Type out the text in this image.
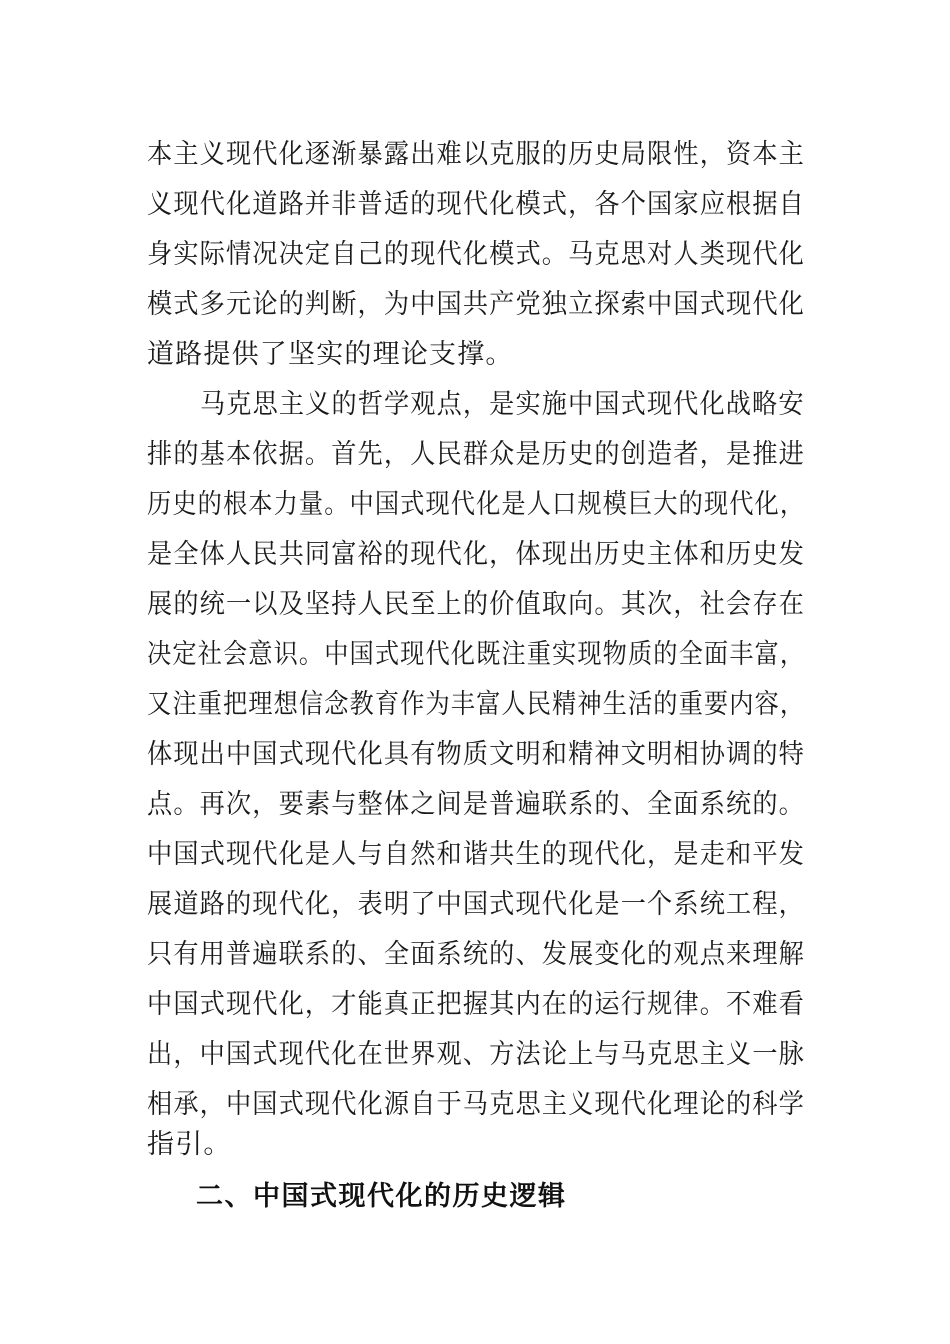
本主义现代化逐渐暴露出难以克服的历史局限性，资本主
义现代化道路并非普适的现代化模式，各个国家应根据自
身实际情况决定自己的现代化模式。马克思对人类现代化
模式多元论的判断，为中国共产党独立探索中国式现代化
道路提供了坚实的理论支撑。
马克思主义的哲学观点，是实施中国式现代化战略安
排的基本依据。首先，人民群众是历史的创造者，是推进
历史的根本力量。中国式现代化是人口规模巨大的现代化，
是全体人民共同富裕的现代化，体现出历史主体和历史发
展的统一以及坚持人民至上的价值取向。其次，社会存在
决定社会意识。中国式现代化既注重实现物质的全面丰富，
又注重把理想信念教育作为丰富人民精神生活的重要内容，
体现出中国式现代化具有物质文明和精神文明相协调的特
点。再次，要素与整体之间是普遍联系的、全面系统的。
中国式现代化是人与自然和谐共生的现代化，是走和平发
展道路的现代化，表明了中国式现代化是一个系统工程，
只有用普遍联系的、全面系统的、发展变化的观点来理解
中国式现代化，才能真正把握其内在的运行规律。不难看
出，中国式现代化在世界观、方法论上与马克思主义一脉
相承，中国式现代化源自于马克思主义现代化理论的科学
指引。
二、中国式现代化的历史逻辑
